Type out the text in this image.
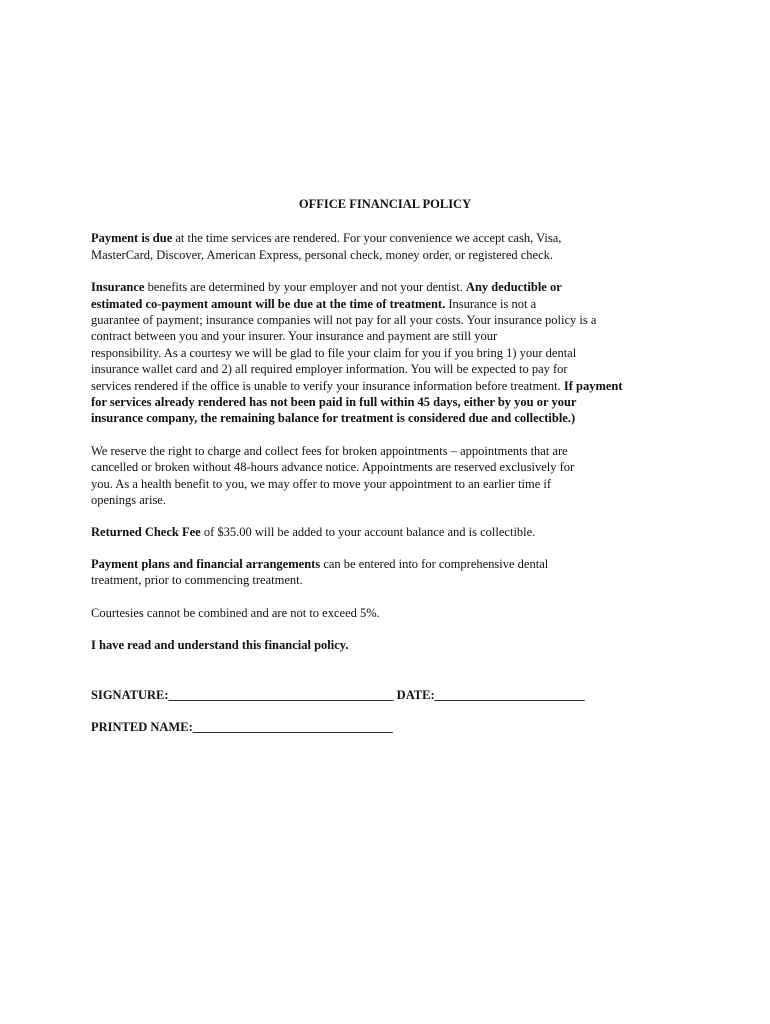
OFFICE FINANCIAL POLICY
Payment is due at the time services are rendered. For your convenience we accept cash, Visa,
MasterCard, Discover, American Express, personal check, money order, or registered check.
Insurance benefits are determined by your employer and not your dentist. Any deductible or
estimated co-payment amount will be due at the time of treatment. Insurance is not a
guarantee of payment; insurance companies will not pay for all your costs. Your insurance policy is a
contract between you and your insurer. Your insurance and payment are still your
responsibility. As a courtesy we will be glad to file your claim for you if you bring 1) your dental
insurance wallet card and 2) all required employer information. You will be expected to pay for
services rendered if the office is unable to verify your insurance information before treatment. If payment
for services already rendered has not been paid in full within 45 days, either by you or your
insurance company, the remaining balance for treatment is considered due and collectible.)
We reserve the right to charge and collect fees for broken appointments – appointments that are
cancelled or broken without 48-hours advance notice. Appointments are reserved exclusively for
you. As a health benefit to you, we may offer to move your appointment to an earlier time if
openings arise.
Returned Check Fee of $35.00 will be added to your account balance and is collectible.
Payment plans and financial arrangements can be entered into for comprehensive dental
treatment, prior to commencing treatment.
Courtesies cannot be combined and are not to exceed 5%.
I have read and understand this financial policy.
SIGNATURE:____________________________________ DATE:________________________
PRINTED NAME:________________________________
